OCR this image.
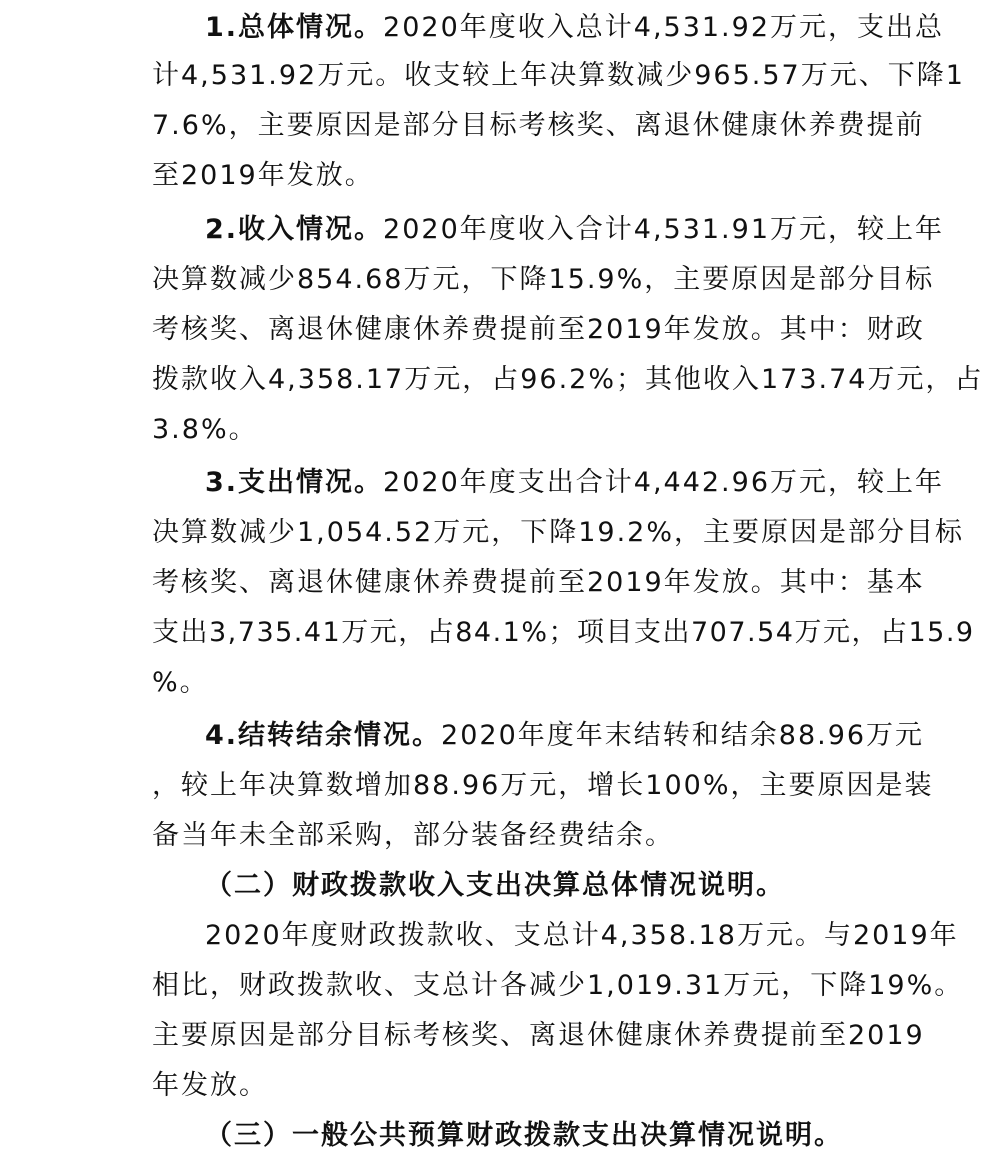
1.总体情况。2020年度收入总计4,531.92万元，支出总
计4,531.92万元。收支较上年决算数减少965.57万元、下降1
7.6%，主要原因是部分目标考核奖、离退休健康休养费提前
至2019年发放。
2.收入情况。2020年度收入合计4,531.91万元，较上年
决算数减少854.68万元，下降15.9%，主要原因是部分目标
考核奖、离退休健康休养费提前至2019年发放。其中：财政
拨款收入4,358.17万元，占96.2%；其他收入173.74万元，占
3.8%。
3.支出情况。2020年度支出合计4,442.96万元，较上年
决算数减少1,054.52万元，下降19.2%，主要原因是部分目标
考核奖、离退休健康休养费提前至2019年发放。其中：基本
支出3,735.41万元，占84.1%；项目支出707.54万元，占15.9
%。
4.结转结余情况。2020年度年末结转和结余88.96万元
，较上年决算数增加88.96万元，增长100%，主要原因是装
备当年未全部采购，部分装备经费结余。
（二）财政拨款收入支出决算总体情况说明。
2020年度财政拨款收、支总计4,358.18万元。与2019年
相比，财政拨款收、支总计各减少1,019.31万元，下降19%。
主要原因是部分目标考核奖、离退休健康休养费提前至2019
年发放。
（三）一般公共预算财政拨款支出决算情况说明。
